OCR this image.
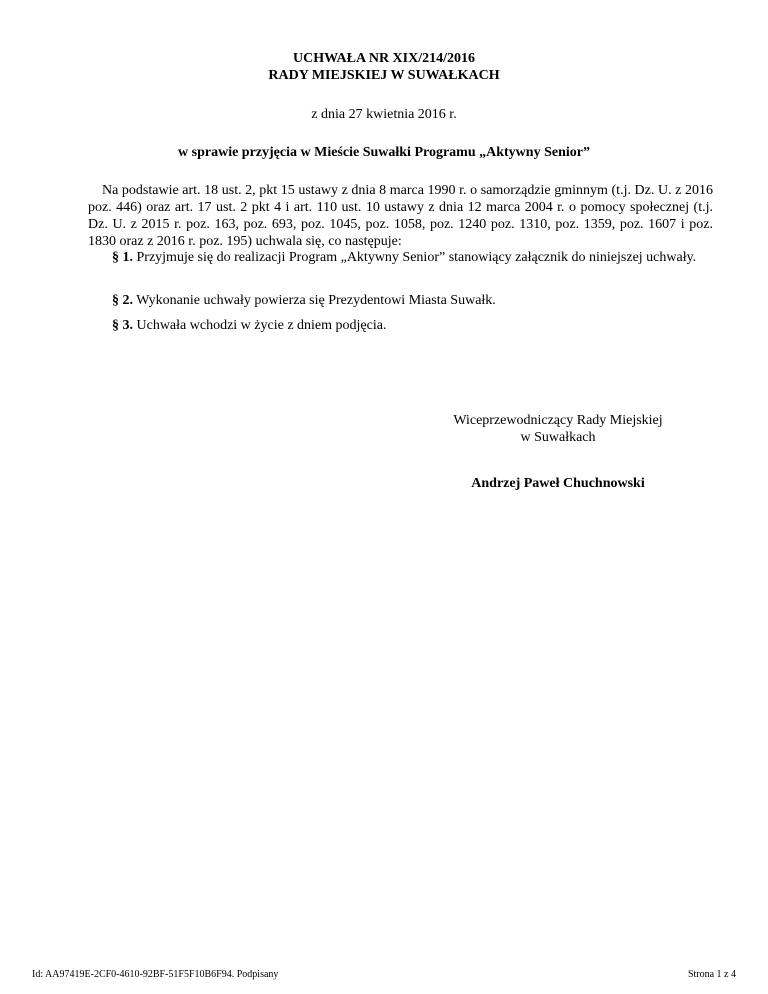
UCHWAŁA NR XIX/214/2016
RADY MIEJSKIEJ W SUWAŁKACH
z dnia 27 kwietnia 2016 r.
w sprawie przyjęcia w Mieście Suwałki Programu „Aktywny Senior”
Na podstawie art. 18 ust. 2, pkt 15 ustawy z dnia 8 marca 1990 r. o samorządzie gminnym (t.j. Dz. U. z 2016 poz. 446) oraz art. 17 ust. 2 pkt 4 i art. 110 ust. 10 ustawy z dnia 12 marca 2004 r. o pomocy społecznej (t.j. Dz. U. z 2015 r. poz. 163, poz. 693, poz. 1045, poz. 1058, poz. 1240 poz. 1310, poz. 1359, poz. 1607 i poz. 1830 oraz z 2016 r. poz. 195) uchwala się, co następuje:
§ 1. Przyjmuje się do realizacji Program „Aktywny Senior” stanowiący załącznik do niniejszej uchwały.
§ 2. Wykonanie uchwały powierza się Prezydentowi Miasta Suwałk.
§ 3. Uchwała wchodzi w życie z dniem podjęcia.
Wiceprzewodniczący Rady Miejskiej
w Suwałkach
Andrzej Paweł Chuchnowski
Id: AA97419E-2CF0-4610-92BF-51F5F10B6F94. Podpisany	Strona 1 z 4
